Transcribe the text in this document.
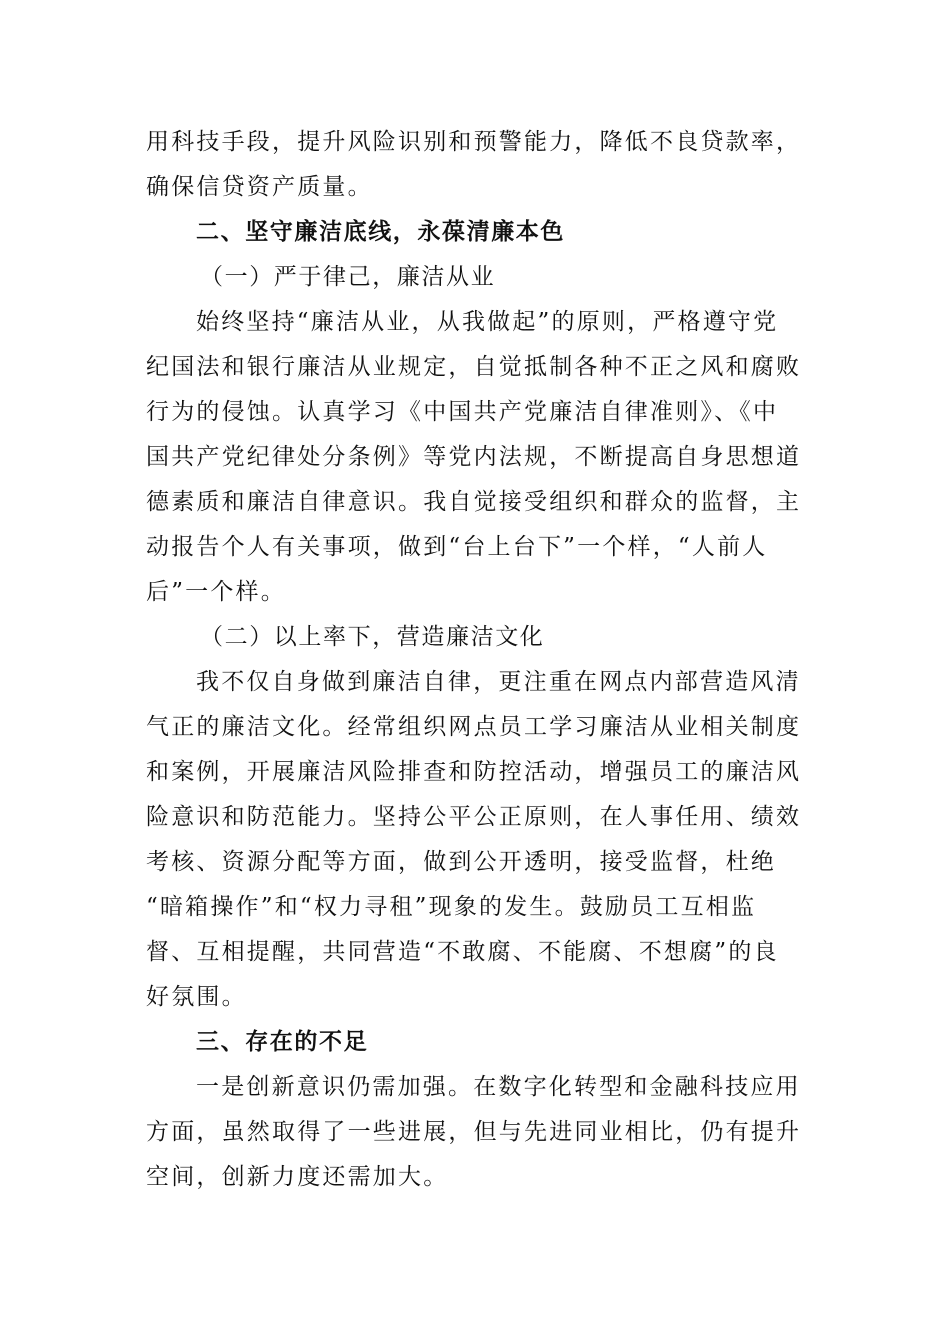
用科技手段，提升风险识别和预警能力，降低不良贷款率，
确保信贷资产质量。
二、坚守廉洁底线，永葆清廉本色
（一）严于律己，廉洁从业
始终坚持“廉洁从业，从我做起”的原则，严格遵守党
纪国法和银行廉洁从业规定，自觉抵制各种不正之风和腐败
行为的侵蚀。认真学习《中国共产党廉洁自律准则》、《中
国共产党纪律处分条例》等党内法规，不断提高自身思想道
德素质和廉洁自律意识。我自觉接受组织和群众的监督，主
动报告个人有关事项，做到“台上台下”一个样，“人前人
后”一个样。
（二）以上率下，营造廉洁文化
我不仅自身做到廉洁自律，更注重在网点内部营造风清
气正的廉洁文化。经常组织网点员工学习廉洁从业相关制度
和案例，开展廉洁风险排查和防控活动，增强员工的廉洁风
险意识和防范能力。坚持公平公正原则，在人事任用、绩效
考核、资源分配等方面，做到公开透明，接受监督，杜绝
“暗箱操作”和“权力寻租”现象的发生。鼓励员工互相监
督、互相提醒，共同营造“不敢腐、不能腐、不想腐”的良
好氛围。
三、存在的不足
一是创新意识仍需加强。在数字化转型和金融科技应用
方面，虽然取得了一些进展，但与先进同业相比，仍有提升
空间，创新力度还需加大。
